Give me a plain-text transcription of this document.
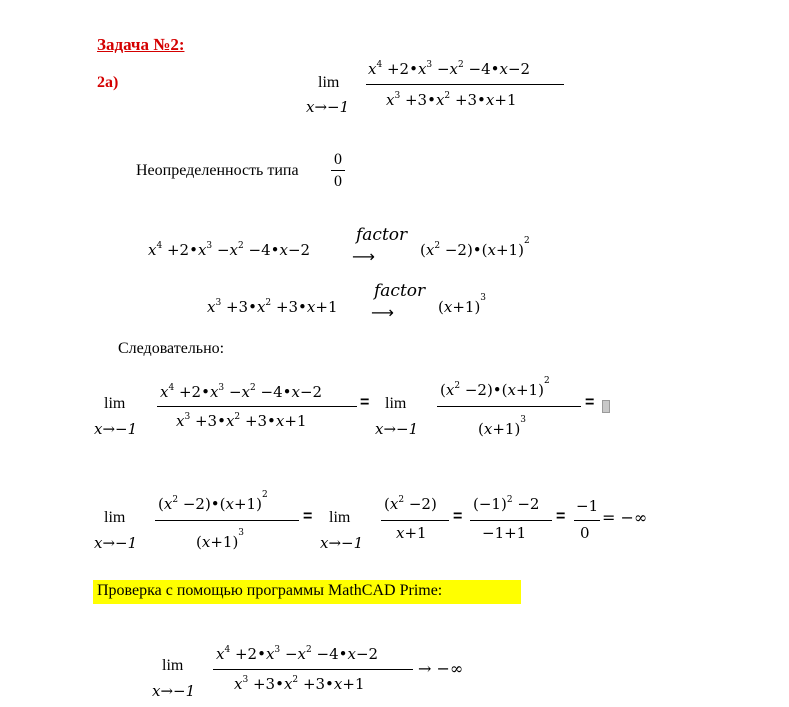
Задача №2:
2а)	lim
x→−1
$x^4$ $+2•x^3 -x^2$ −4•x−2
$x^3$ $+3•x^2$ +3•x+1
Неопределенность типа
0
0
$x^4$ $+2•x^3 -x^2$ −4•x−2
factor
⟶	($x^2$ $-2)•(x+1)^2$
$x^3$ $+3•x^2$ +3•x+1
factor
⟶	$(x+1)^3$
Следовательно:
lim
x→−1
$x^4$ $+2•x^3 -x^2$ −4•x−2
$x^3$ $+3•x^2$ +3•x+1
= lim
x→−1
($x^2$ $-2)•(x+1)^2$
$(x+1)^3$
=
lim
x→−1
($x^2$ $-2)•(x+1)^2$
$(x+1)^3$
= lim
x→−1
$(x^2 -2)$
x+1
=
$(-1)^2 -2$
−1+1
=
−1
0
= −∞
Проверка с помощью программы MathCAD Prime:
lim
x→−1
$x^4$ $+2•x^3 -x^2$ −4•x−2
$x^3$ $+3•x^2$ +3•x+1
→ −∞
